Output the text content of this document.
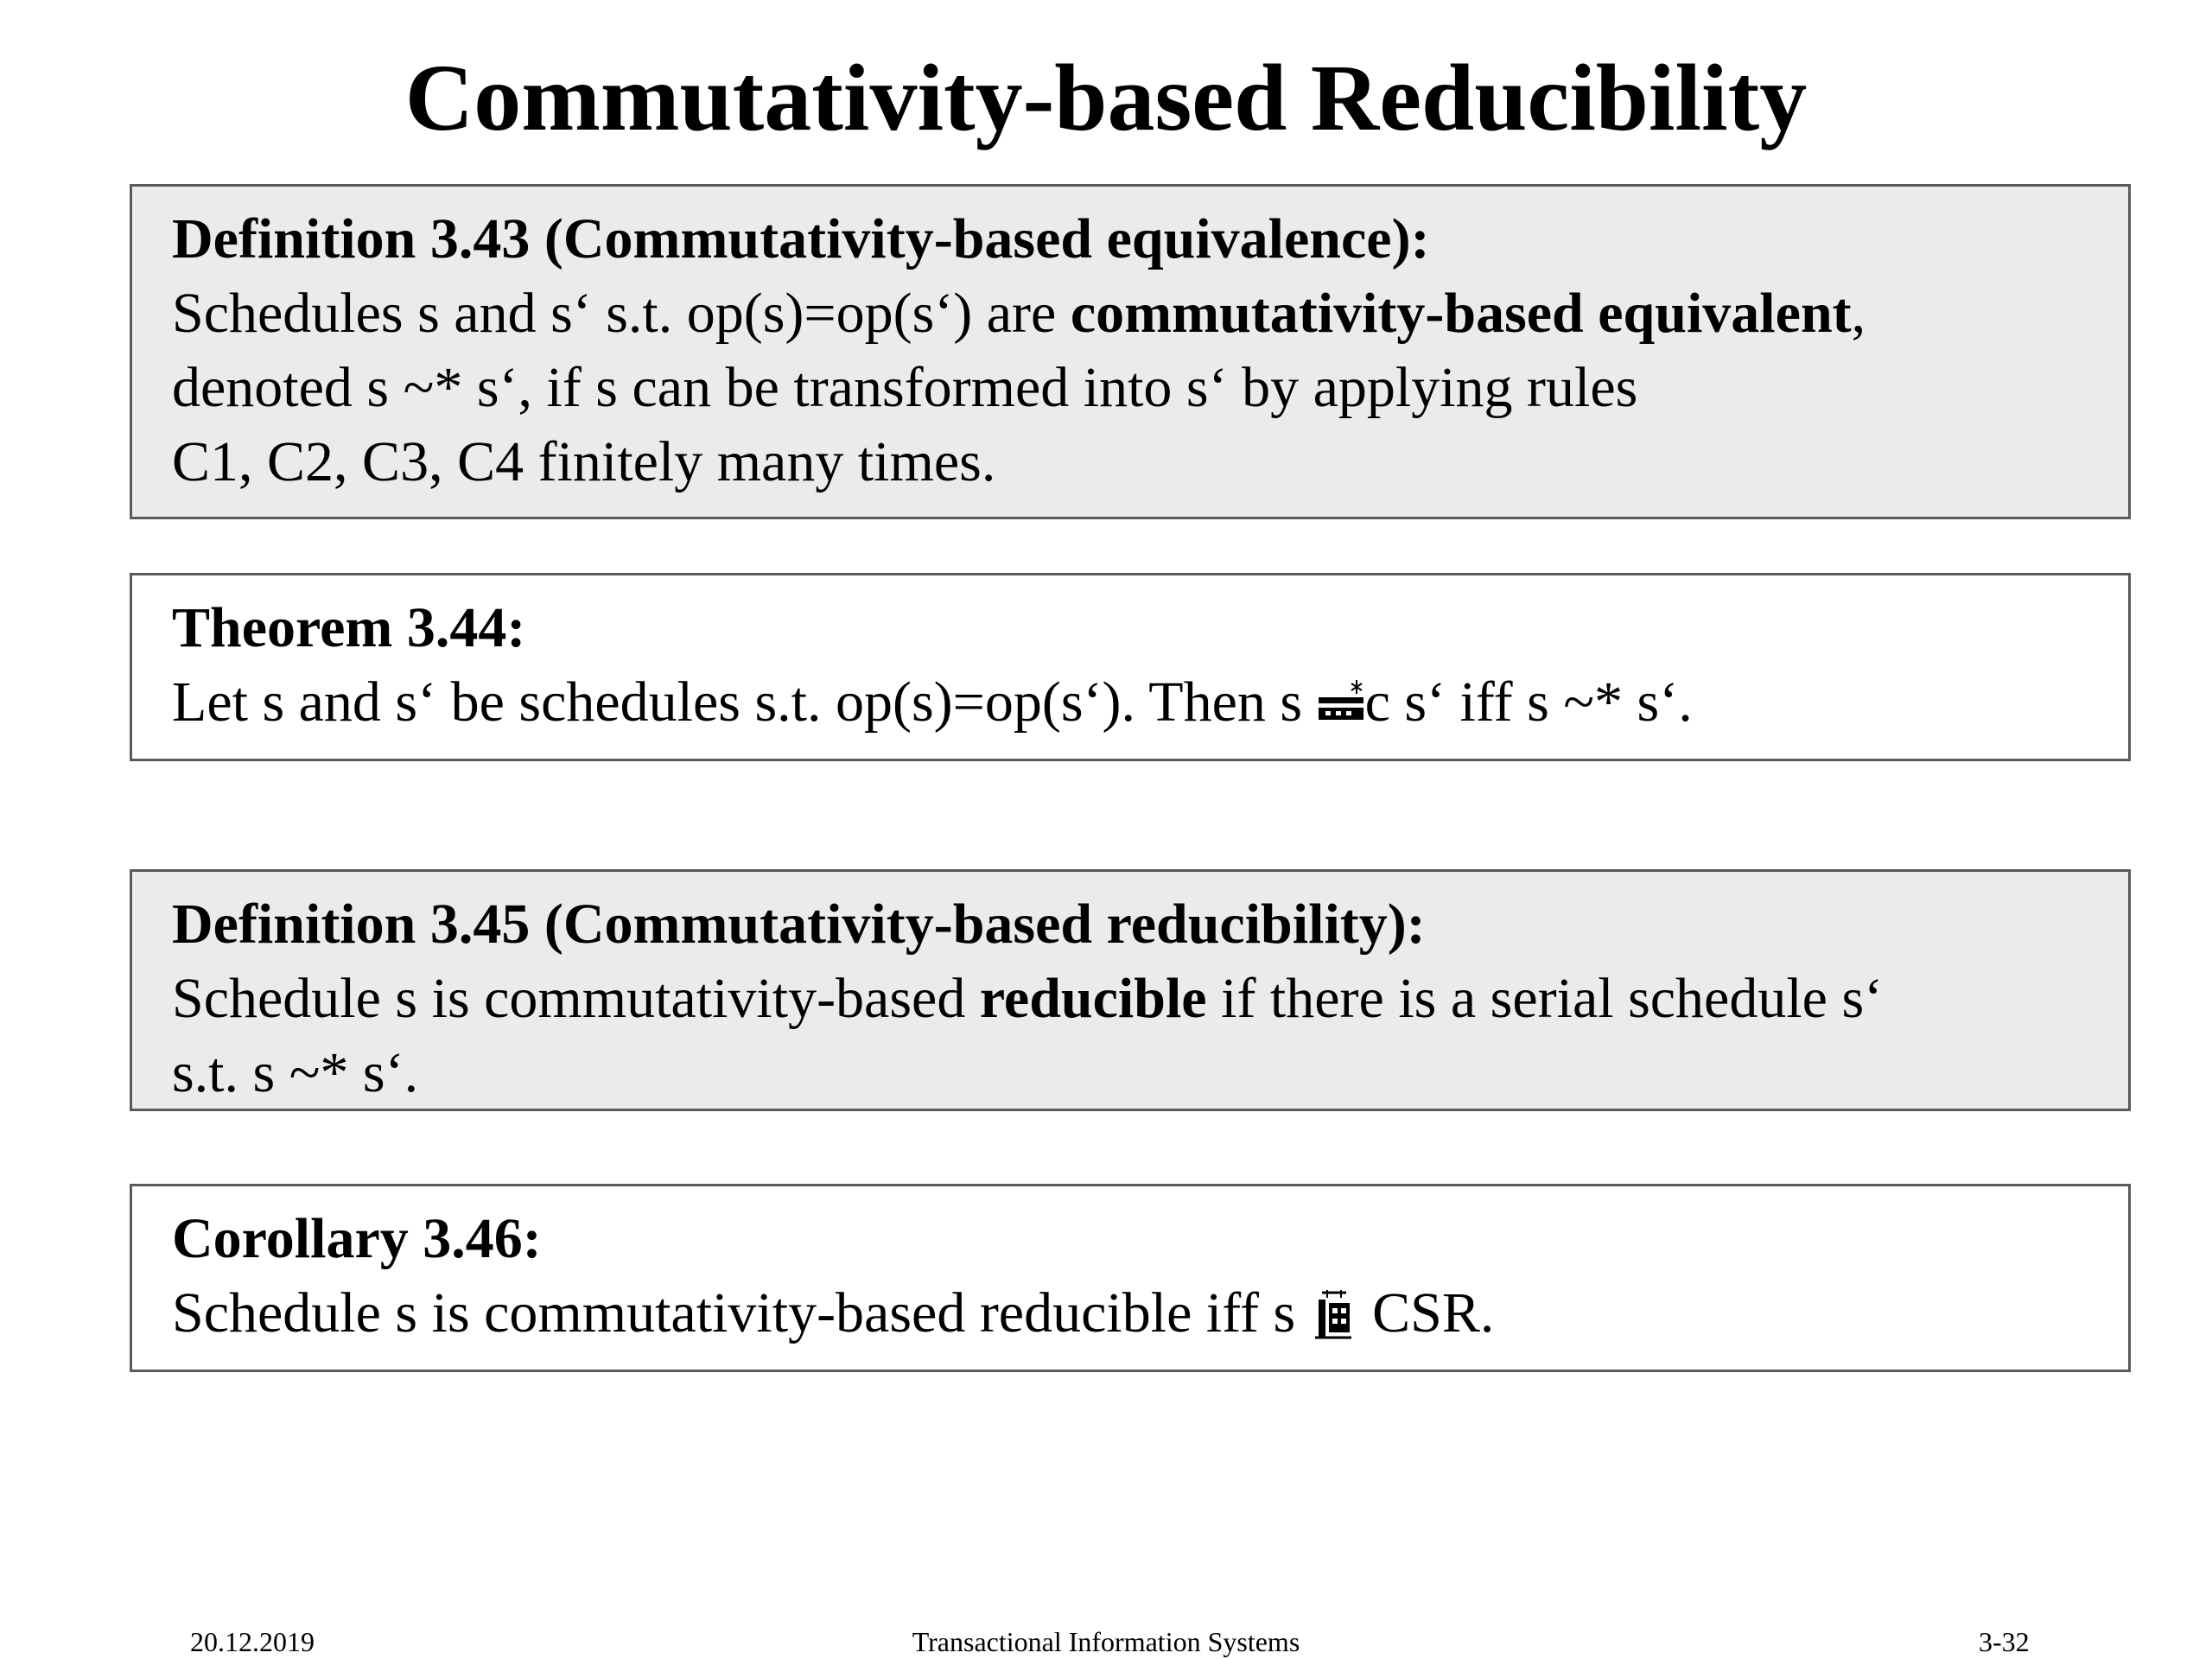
Commutativity-based Reducibility
Definition 3.43 (Commutativity-based equivalence):
Schedules s and s‘ s.t. op(s)=op(s‘) are commutativity-based equivalent,
denoted s ~* s‘, if s can be transformed into s‘ by applying rules
C1, C2, C3, C4 finitely many times.
Theorem 3.44:
Let s and s‘ be schedules s.t. op(s)=op(s‘). Then s
c s‘ iff s ~* s‘.
Definition 3.45 (Commutativity-based reducibility):
Schedule s is commutativity-based reducible if there is a serial schedule s‘
s.t. s ~* s‘.
Corollary 3.46:
Schedule s is commutativity-based reducible iff s
CSR.
20.12.2019	Transactional Information Systems	3-32
